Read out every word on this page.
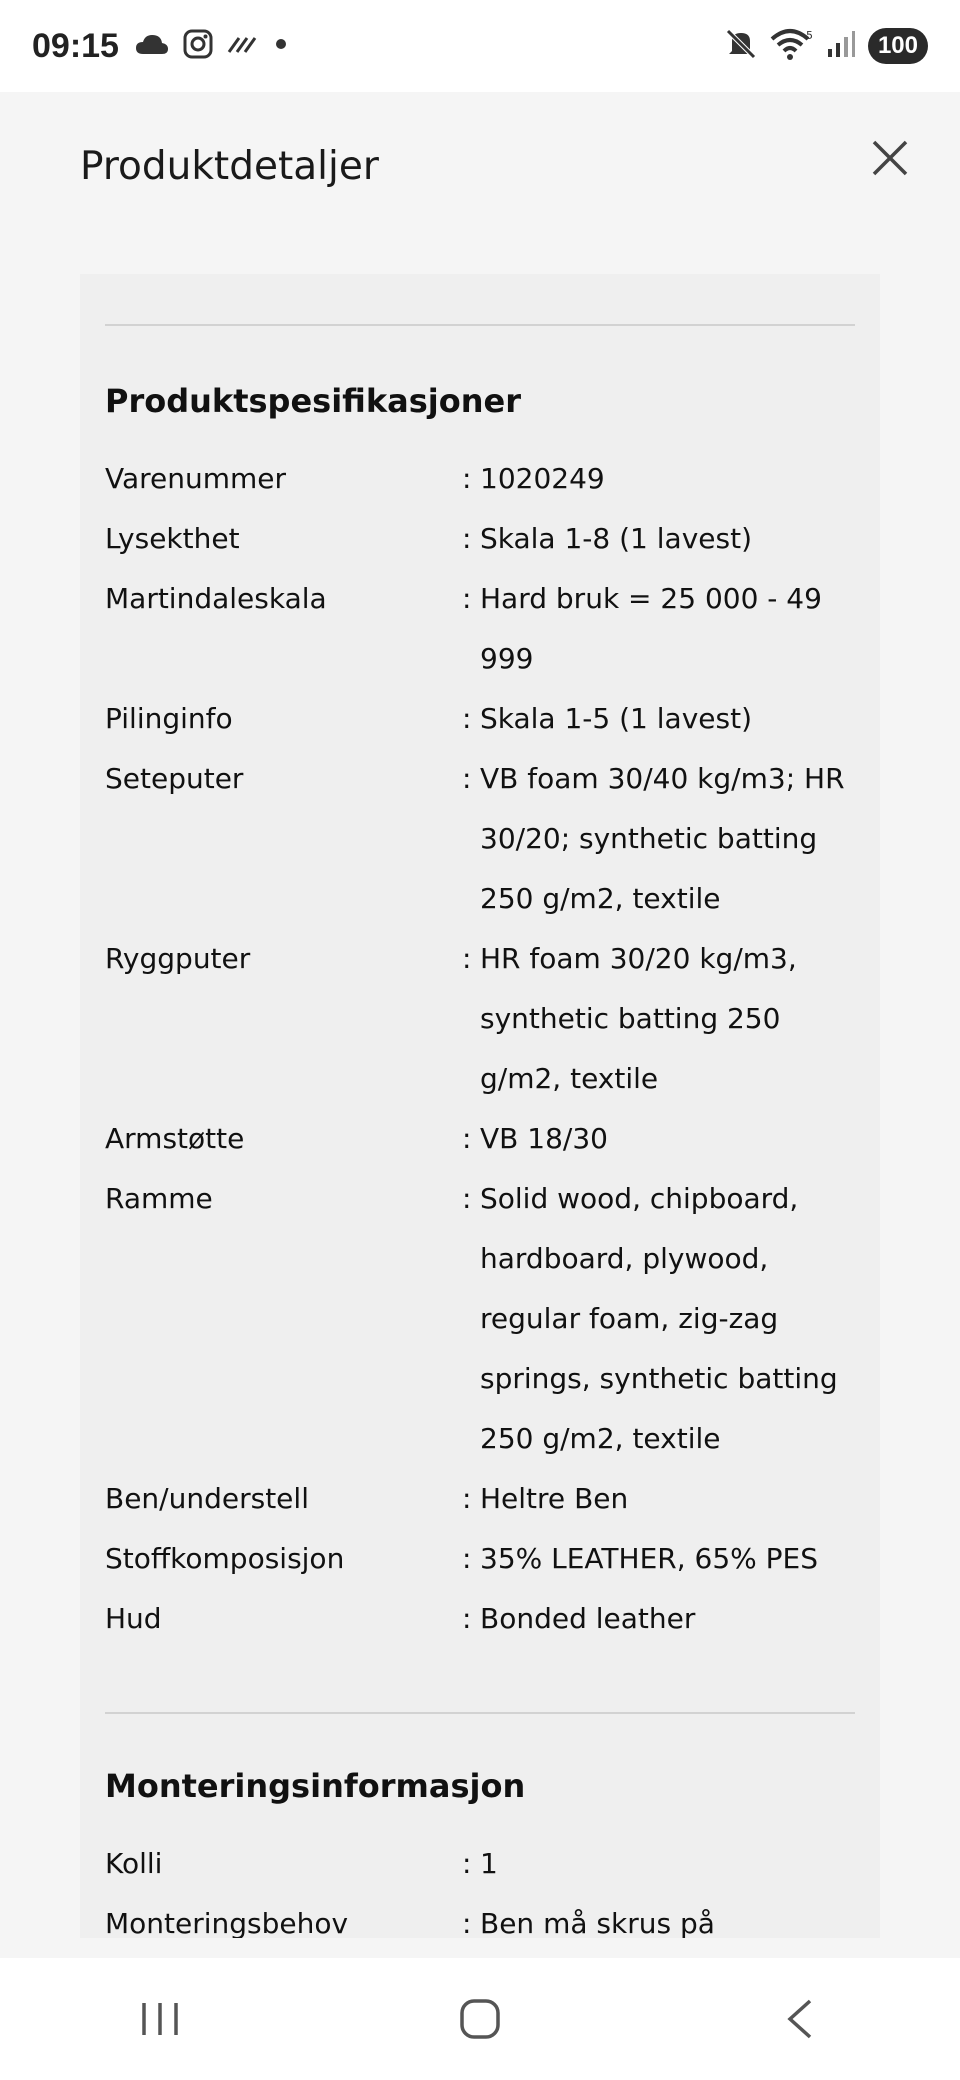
09:15	5	100
Produktdetaljer
Produktspesifikasjoner
Varenummer	: 1020249
Lysekthet	: Skala 1-8 (1 lavest)
Martindaleskala	: Hard bruk = 25 000 - 49 999
Pilinginfo	: Skala 1-5 (1 lavest)
Seteputer	: VB foam 30/40 kg/m3; HR 30/20; synthetic batting 250 g/m2, textile
Ryggputer	: HR foam 30/20 kg/m3, synthetic batting 250 g/m2, textile
Armstøtte	: VB 18/30
Ramme	: Solid wood, chipboard, hardboard, plywood, regular foam, zig-zag springs, synthetic batting 250 g/m2, textile
Ben/understell	: Heltre Ben
Stoffkomposisjon	: 35% LEATHER, 65% PES
Hud	: Bonded leather
Monteringsinformasjon
Kolli	: 1
Monteringsbehov	: Ben må skrus på
